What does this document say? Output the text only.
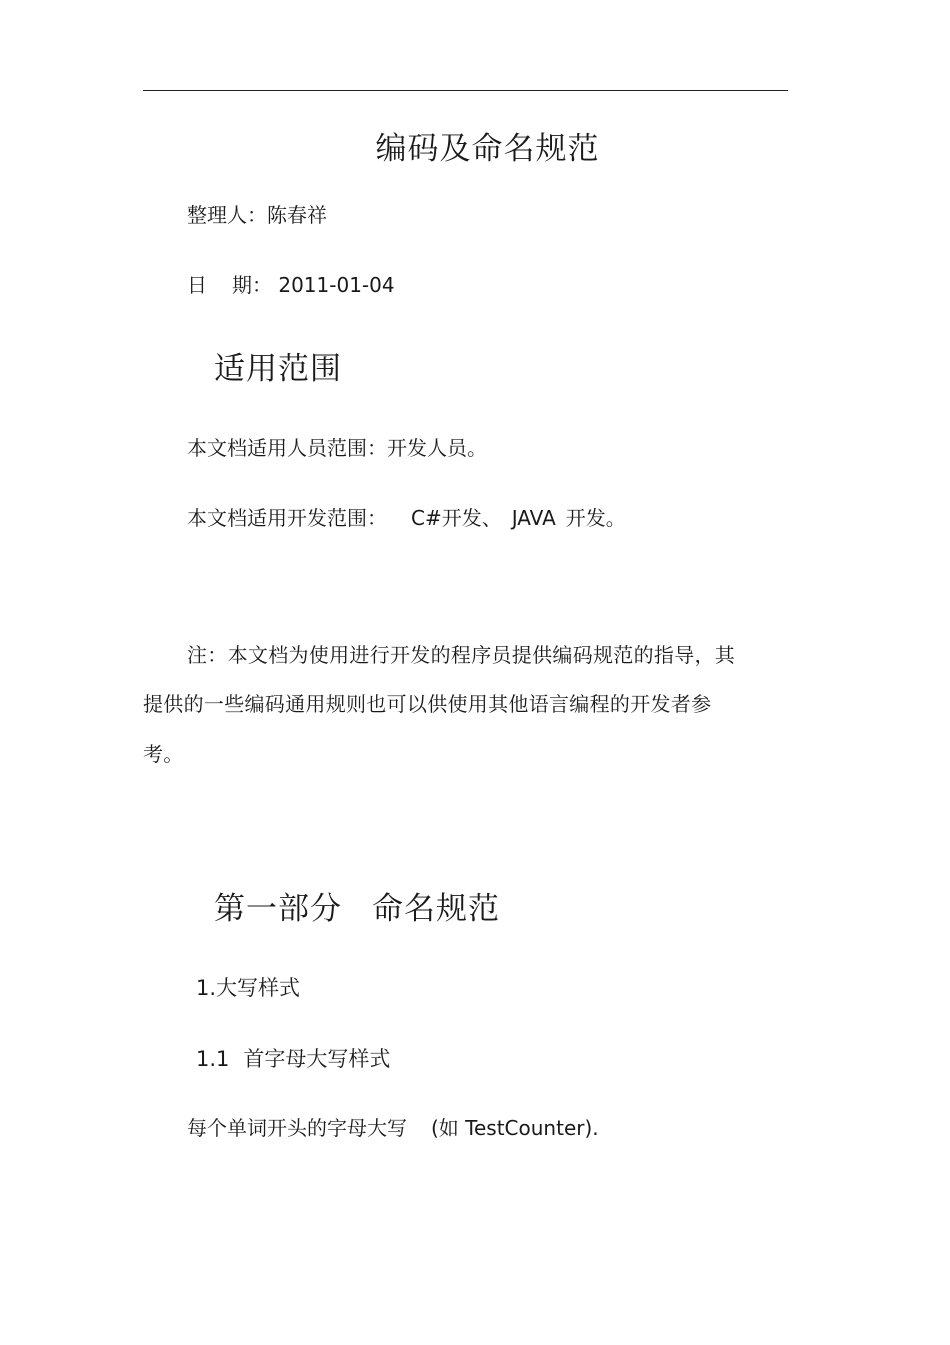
编码及命名规范
整理人：陈春祥
日 期： 2011-01-04
适用范围
本文档适用人员范围：开发人员。
本文档适用开发范围： C#开发、 JAVA 开发。
注：本文档为使用进行开发的程序员提供编码规范的指导，其
提供的一些编码通用规则也可以供使用其他语言编程的开发者参
考。
第一部分 命名规范
1.大写样式
1.1 首字母大写样式
每个单词开头的字母大写 (如 TestCounter).
